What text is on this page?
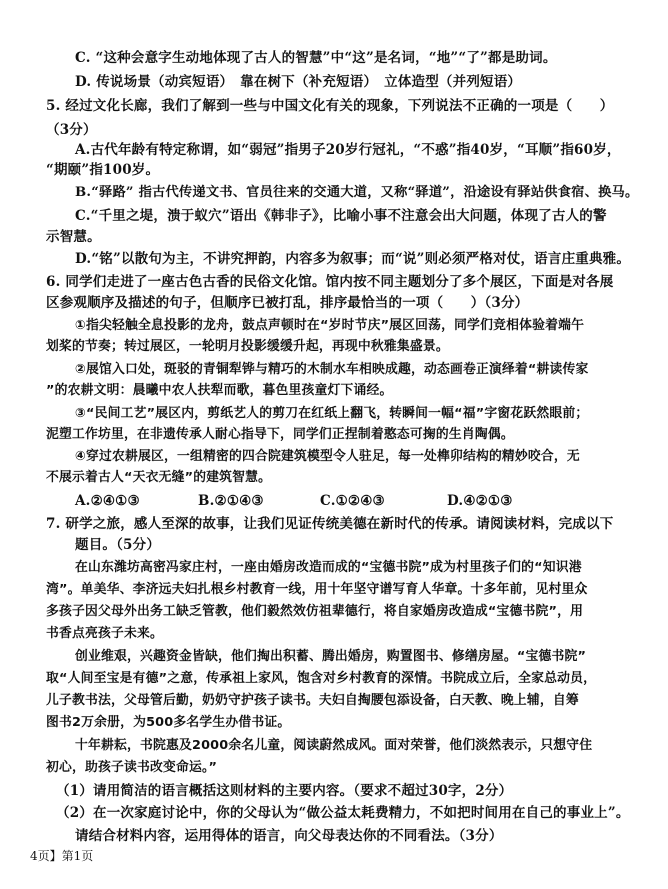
C. “这种会意字生动地体现了古人的智慧”中“这”是名词，“地”“了”都是助词。
D. 传说场景（动宾短语）　靠在树下（补充短语）　立体造型（并列短语）
5. 经过文化长廊，我们了解到一些与中国文化有关的现象，下列说法不正确的一项是（　　）
（3分）
A.古代年龄有特定称谓，如“弱冠”指男子20岁行冠礼，“不惑”指40岁，“耳顺”指60岁，
“期颐”指100岁。
B.“驿路” 指古代传递文书、官员往来的交通大道，又称“驿道”，沿途设有驿站供食宿、换马。
C.“千里之堤，溃于蚁穴”语出《韩非子》，比喻小事不注意会出大问题，体现了古人的警
示智慧。
D.“铭”以散句为主，不讲究押韵，内容多为叙事；而“说”则必须严格对仗，语言庄重典雅。
6. 同学们走进了一座古色古香的民俗文化馆。馆内按不同主题划分了多个展区，下面是对各展
区参观顺序及描述的句子，但顺序已被打乱，排序最恰当的一项（　　）（3分）
①指尖轻触全息投影的龙舟，鼓点声顿时在“岁时节庆”展区回荡，同学们竞相体验着端午
划桨的节奏；转过展区，一轮明月投影缓缓升起，再现中秋雅集盛景。
②展馆入口处，斑驳的青铜犁铧与精巧的木制水车相映成趣，动态画卷正演绎着“耕读传家
”的农耕文明：晨曦中农人扶犁而歌，暮色里孩童灯下诵经。
③“民间工艺”展区内，剪纸艺人的剪刀在红纸上翻飞，转瞬间一幅“福”字窗花跃然眼前；
泥塑工作坊里，在非遗传承人耐心指导下，同学们正捏制着憨态可掬的生肖陶偶。
④穿过农耕展区，一组精密的四合院建筑模型令人驻足，每一处榫卯结构的精妙咬合，无
不展示着古人“天衣无缝”的建筑智慧。
A.②④①③	B.②①④③	C.①②④③	D.④②①③
7. 研学之旅，感人至深的故事，让我们见证传统美德在新时代的传承。请阅读材料，完成以下
题目。（5分）
在山东潍坊高密冯家庄村，一座由婚房改造而成的“宝德书院”成为村里孩子们的“知识港
湾”。单美华、李济远夫妇扎根乡村教育一线，用十年坚守谱写育人华章。十多年前，见村里众
多孩子因父母外出务工缺乏管教，他们毅然效仿祖辈德行，将自家婚房改造成“宝德书院”，用
书香点亮孩子未来。
创业维艰，兴趣资金皆缺，他们掏出积蓄、腾出婚房，购置图书、修缮房屋。“宝德书院”
取“人间至宝是有德”之意，传承祖上家风，饱含对乡村教育的深情。书院成立后，全家总动员，
儿子教书法，父母管后勤，奶奶守护孩子读书。夫妇自掏腰包添设备，白天教、晚上辅，自筹
图书2万余册，为500多名学生办借书证。
十年耕耘，书院惠及2000余名儿童，阅读蔚然成风。面对荣誉，他们淡然表示，只想守住
初心，助孩子读书改变命运。”
（1）请用简洁的语言概括这则材料的主要内容。（要求不超过30字，2分）
（2）在一次家庭讨论中，你的父母认为“做公益太耗费精力，不如把时间用在自己的事业上”。
请结合材料内容，运用得体的语言，向父母表达你的不同看法。（3分）
4页】第1页
